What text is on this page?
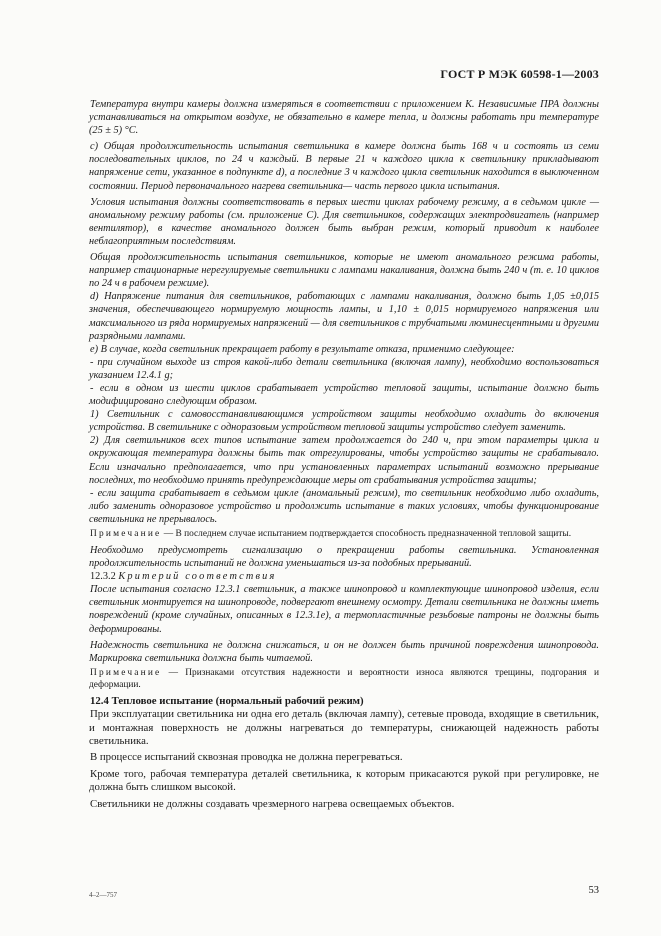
ГОСТ Р МЭК 60598-1—2003

Температура внутри камеры должна измеряться в соответствии с приложением К. Независимые ПРА должны устанавливаться на открытом воздухе, не обязательно в камере тепла, и должны работать при температуре (25 ± 5) °С.

c) Общая продолжительность испытания светильника в камере должна быть 168 ч и состоять из семи последовательных циклов, по 24 ч каждый. В первые 21 ч каждого цикла к светильнику прикладывают напряжение сети, указанное в подпункте d), а последние 3 ч каждого цикла светильник находится в выключенном состоянии. Период первоначального нагрева светильника— часть первого цикла испытания.

Условия испытания должны соответствовать в первых шести циклах рабочему режиму, а в седьмом цикле — аномальному режиму работы (см. приложение С). Для светильников, содержащих электродвигатель (например вентилятор), в качестве аномального должен быть выбран режим, который приводит к наиболее неблагоприятным последствиям.

Общая продолжительность испытания светильников, которые не имеют аномального режима работы, например стационарные нерегулируемые светильники с лампами накаливания, должна быть 240 ч (т. е. 10 циклов по 24 ч в рабочем режиме).

d) Напряжение питания для светильников, работающих с лампами накаливания, должно быть 1,05 ±0,015 значения, обеспечивающего нормируемую мощность лампы, и 1,10 ± 0,015 нормируемого напряжения или максимального из ряда нормируемых напряжений — для светильников с трубчатыми люминесцентными и другими разрядными лампами.

e) В случае, когда светильник прекращает работу в результате отказа, применимо следующее:

- при случайном выходе из строя какой-либо детали светильника (включая лампу), необходимо воспользоваться указанием 12.4.1 g;

- если в одном из шести циклов срабатывает устройство тепловой защиты, испытание должно быть модифицировано следующим образом.

1) Светильник с самовосстанавливающимся устройством защиты необходимо охладить до включения устройства. В светильнике с одноразовым устройством тепловой защиты устройство следует заменить.

2) Для светильников всех типов испытание затем продолжается до 240 ч, при этом параметры цикла и окружающая температура должны быть так отрегулированы, чтобы устройство защиты не срабатывало. Если изначально предполагается, что при установленных параметрах испытаний возможно прерывание последних, то необходимо принять предупреждающие меры от срабатывания устройства защиты;

- если защита срабатывает в седьмом цикле (аномальный режим), то светильник необходимо либо охладить, либо заменить одноразовое устройство и продолжить испытание в таких условиях, чтобы функционирование светильника не прерывалось.

Примечание — В последнем случае испытанием подтверждается способность предназначенной тепловой защиты.

Необходимо предусмотреть сигнализацию о прекращении работы светильника. Установленная продолжительность испытаний не должна уменьшаться из-за подобных прерываний.

12.3.2 Критерий соответствия

После испытания согласно 12.3.1 светильник, а также шинопровод и комплектующие шинопровод изделия, если светильник монтируется на шинопроводе, подвергают внешнему осмотру. Детали светильника не должны иметь повреждений (кроме случайных, описанных в 12.3.1e), а термопластичные резьбовые патроны не должны быть деформированы.

Надежность светильника не должна снижаться, и он не должен быть причиной повреждения шинопровода. Маркировка светильника должна быть читаемой.

Примечание — Признаками отсутствия надежности и вероятности износа являются трещины, подгорания и деформации.

12.4 Тепловое испытание (нормальный рабочий режим)

При эксплуатации светильника ни одна его деталь (включая лампу), сетевые провода, входящие в светильник, и монтажная поверхность не должны нагреваться до температуры, снижающей надежность работы светильника.

В процессе испытаний сквозная проводка не должна перегреваться.

Кроме того, рабочая температура деталей светильника, к которым прикасаются рукой при регулировке, не должна быть слишком высокой.

Светильники не должны создавать чрезмерного нагрева освещаемых объектов.

4–2—757	53
